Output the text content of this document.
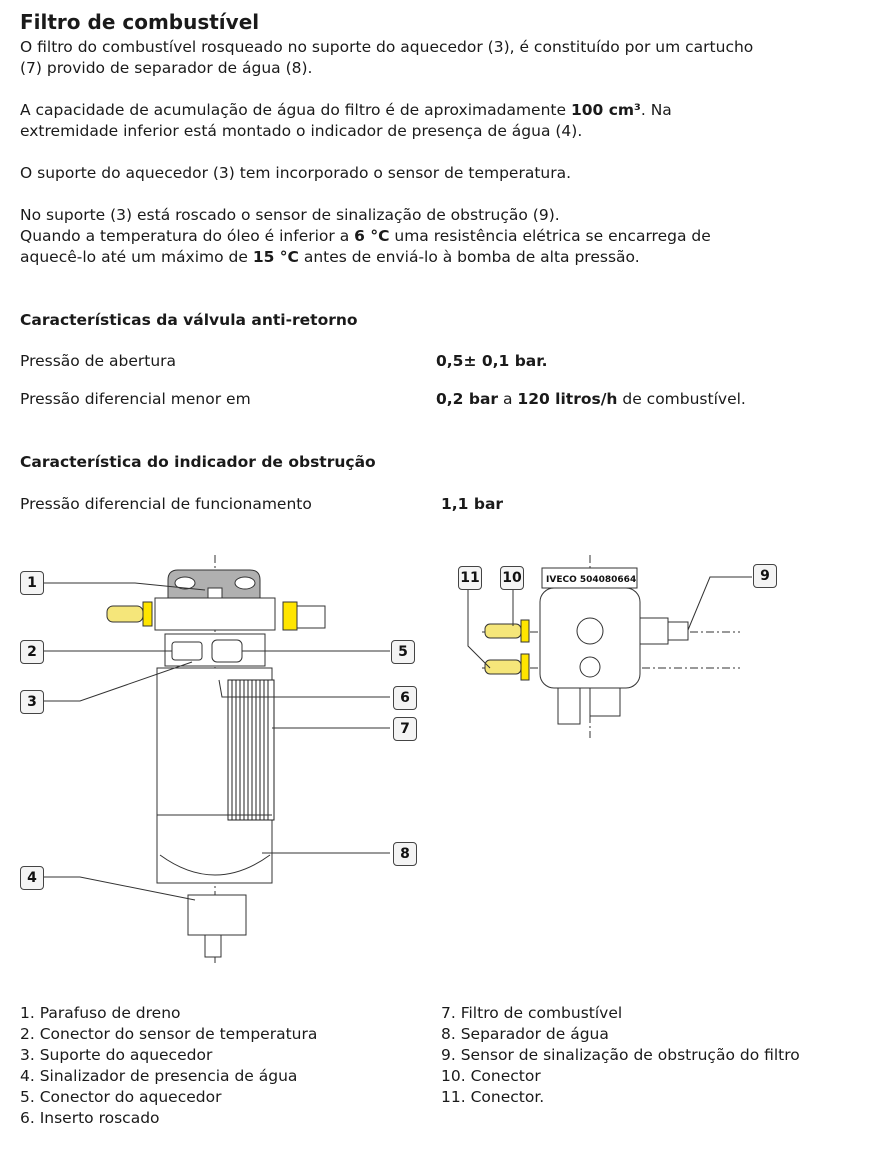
Filtro de combustível
O filtro do combustível rosqueado no suporte do aquecedor (3), é constituído por um cartucho
(7) provido de separador de água (8).
A capacidade de acumulação de água do filtro é de aproximadamente 100 cm³. Na
extremidade inferior está montado o indicador de presença de água (4).
O suporte do aquecedor (3) tem incorporado o sensor de temperatura.
No suporte (3) está roscado o sensor de sinalização de obstrução (9).
Quando a temperatura do óleo é inferior a 6 °C uma resistência elétrica se encarrega de
aquecê-lo até um máximo de 15 °C antes de enviá-lo à bomba de alta pressão.
Características da válvula anti-retorno
Pressão de abertura	0,5± 0,1 bar.
Pressão diferencial menor em	0,2 bar a 120 litros/h de combustível.
Característica do indicador de obstrução
Pressão diferencial de funcionamento	1,1 bar
1
2
3
4
5
6
7
8
IVECO 504080664
11 10	9
1. Parafuso de dreno
2. Conector do sensor de temperatura
3. Suporte do aquecedor
4. Sinalizador de presencia de água
5. Conector do aquecedor
6. Inserto roscado
7. Filtro de combustível
8. Separador de água
9. Sensor de sinalização de obstrução do filtro
10. Conector
11. Conector.
